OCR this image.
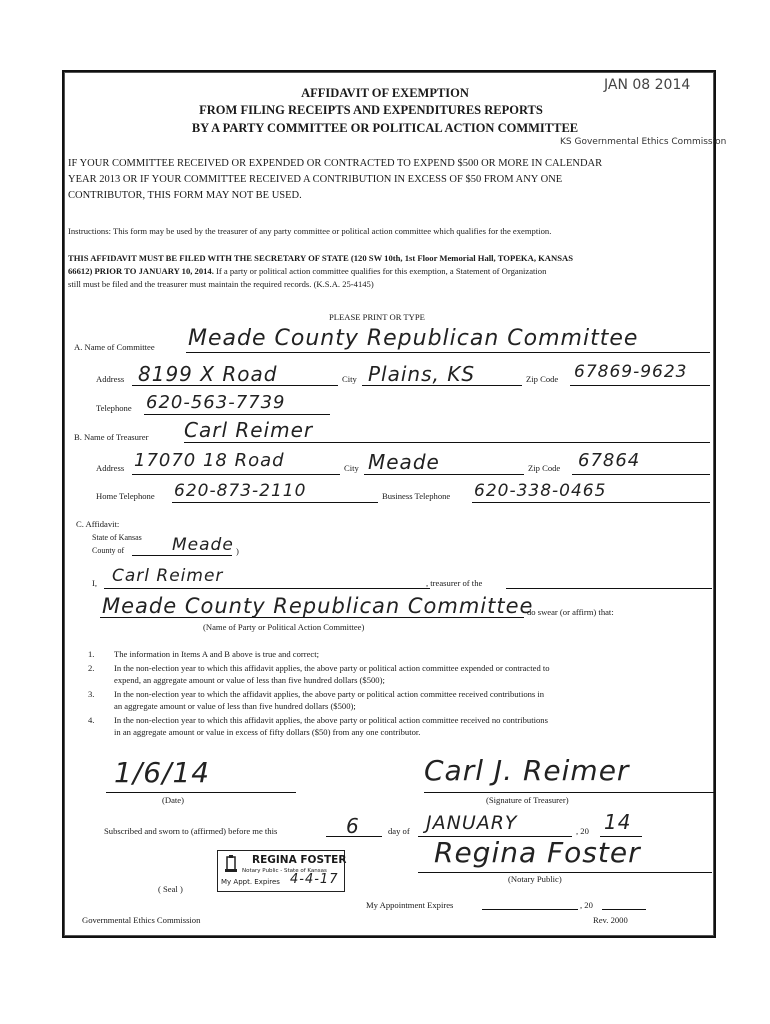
JAN 08 2014
KS Governmental Ethics Commission
AFFIDAVIT OF EXEMPTION
FROM FILING RECEIPTS AND EXPENDITURES REPORTS
BY A PARTY COMMITTEE OR POLITICAL ACTION COMMITTEE
IF YOUR COMMITTEE RECEIVED OR EXPENDED OR CONTRACTED TO EXPEND $500 OR MORE IN CALENDAR
YEAR 2013 OR IF YOUR COMMITTEE RECEIVED A CONTRIBUTION IN EXCESS OF $50 FROM ANY ONE
CONTRIBUTOR, THIS FORM MAY NOT BE USED.
Instructions: This form may be used by the treasurer of any party committee or political action committee which qualifies for the exemption.
THIS AFFIDAVIT MUST BE FILED WITH THE SECRETARY OF STATE (120 SW 10th, 1st Floor Memorial Hall, TOPEKA, KANSAS
66612) PRIOR TO JANUARY 10, 2014. If a party or political action committee qualifies for this exemption, a Statement of Organization
still must be filed and the treasurer must maintain the required records. (K.S.A. 25-4145)
PLEASE PRINT OR TYPE
A. Name of Committee Meade County Republican Committee
Address 8199 X Road	City Plains, KS	Zip Code 67869-9623
Telephone 620-563-7739
B. Name of Treasurer Carl Reimer
Address 17070 18 Road	City Meade	Zip Code 67864
Home Telephone 620-873-2110	Business Telephone 620-338-0465
C. Affidavit:
State of Kansas
County of	Meade )
I, Carl Reimer	, treasurer of the
Meade County Republican Committee
do swear (or affirm) that:
(Name of Party or Political Action Committee)
1. The information in Items A and B above is true and correct;
2. In the non-election year to which this affidavit applies, the above party or political action committee expended or contracted to
expend, an aggregate amount or value of less than five hundred dollars ($500);
3. In the non-election year to which the affidavit applies, the above party or political action committee received contributions in
an aggregate amount or value of less than five hundred dollars ($500);
4. In the non-election year to which this affidavit applies, the above party or political action committee received no contributions
in an aggregate amount or value in excess of fifty dollars ($50) from any one contributor.
1/6/14
(Date)
Carl J. Reimer
(Signature of Treasurer)
Subscribed and sworn to (affirmed) before me this	6	day of JANUARY	, 20 14
Regina Foster
(Notary Public)
REGINA FOSTER
Notary Public - State of Kansas
My Appt. Expires 4-4-17
( Seal )
My Appointment Expires	, 20
Governmental Ethics Commission	Rev. 2000
